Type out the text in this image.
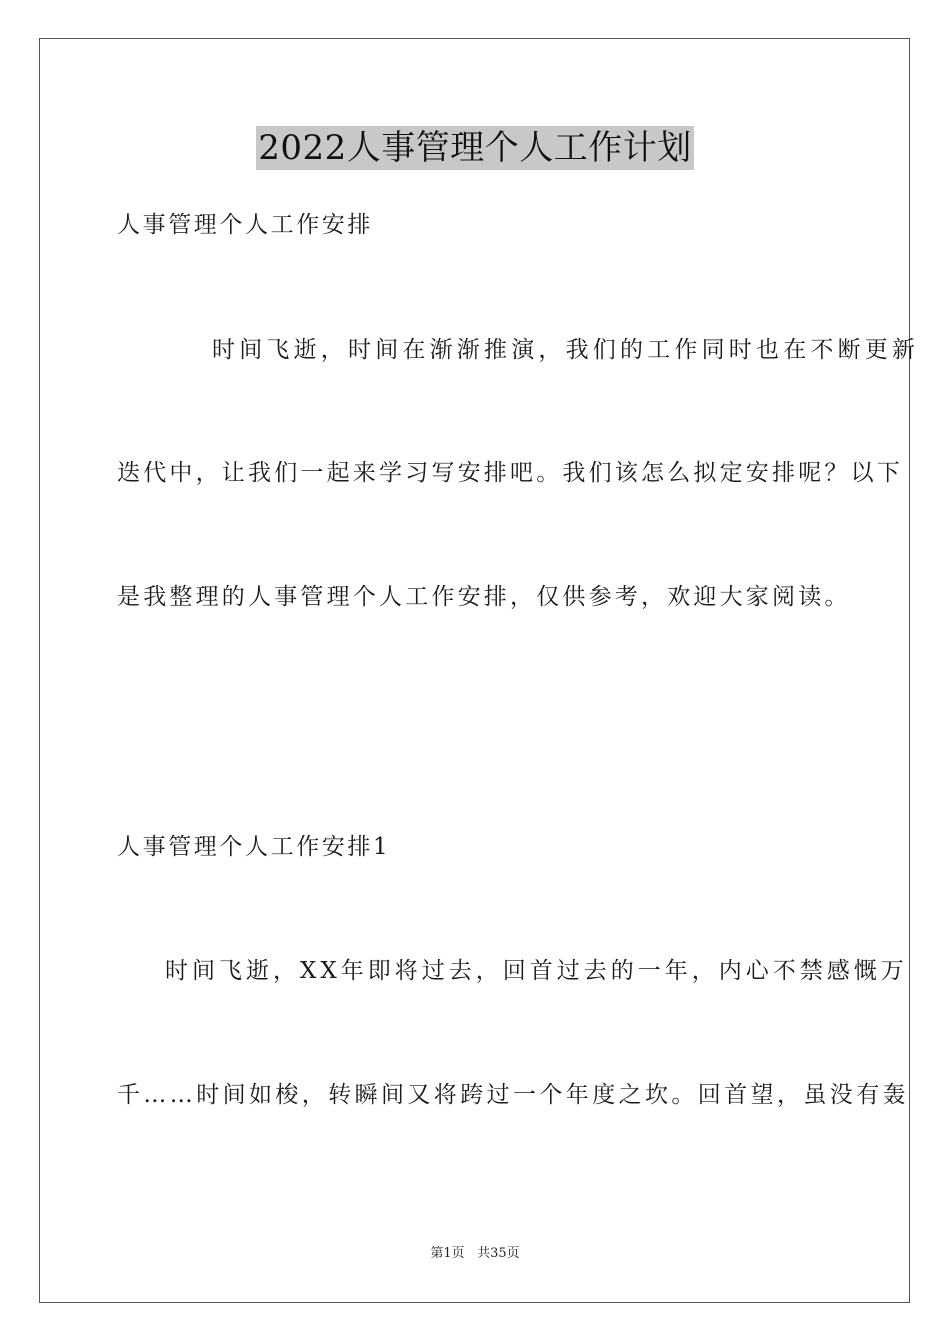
2022人事管理个人工作计划
人事管理个人工作安排
时间飞逝，时间在渐渐推演，我们的工作同时也在不断更新
迭代中，让我们一起来学习写安排吧。我们该怎么拟定安排呢？以下
是我整理的人事管理个人工作安排，仅供参考，欢迎大家阅读。
人事管理个人工作安排1
时间飞逝，XX年即将过去，回首过去的一年，内心不禁感慨万
千……时间如梭，转瞬间又将跨过一个年度之坎。回首望，虽没有轰
第1页 共35页
